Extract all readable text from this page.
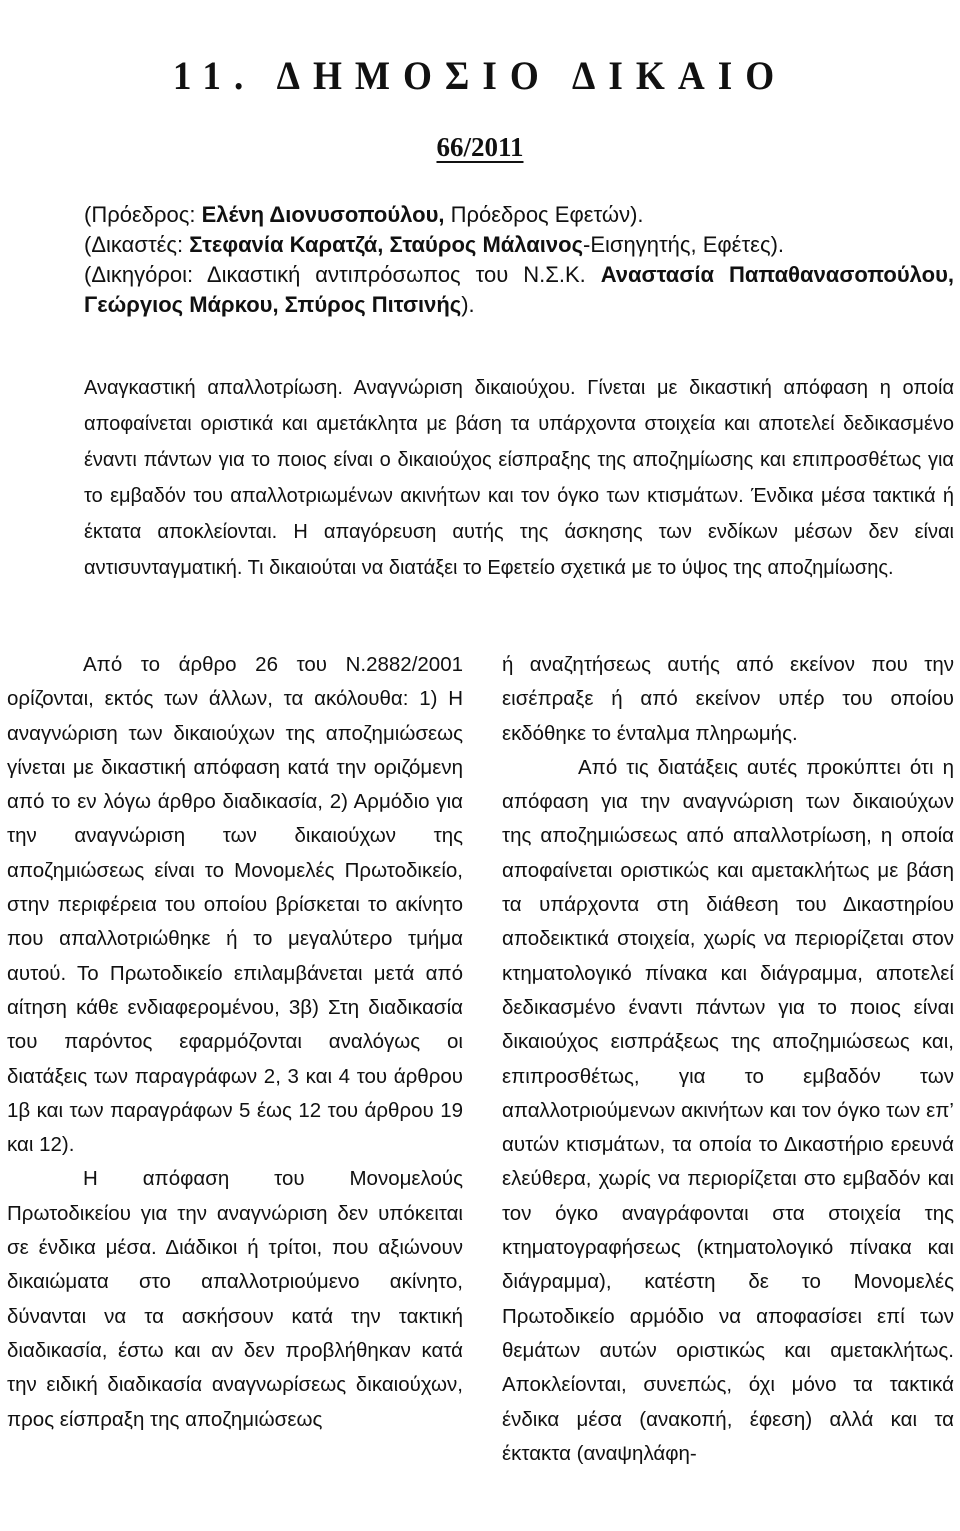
11. ΔΗΜΟΣΙΟ ΔΙΚΑΙΟ
66/2011

(Πρόεδρος: Ελένη Διονυσοπούλου, Πρόεδρος Εφετών).

(Δικαστές: Στεφανία Καρατζά, Σταύρος Μάλαινος-Εισηγητής, Εφέτες).

(Δικηγόροι: Δικαστική αντιπρόσωπος του Ν.Σ.Κ. Αναστασία Παπαθανασοπούλου,

Γεώργιος Μάρκου, Σπύρος Πιτσινής).

Αναγκαστική απαλλοτρίωση. Αναγνώριση δικαιούχου. Γίνεται με δικαστική απόφαση η οποία αποφαίνεται οριστικά και αμετάκλητα με βάση τα υπάρχοντα στοιχεία και αποτελεί δεδικασμένο έναντι πάντων για το ποιος είναι ο δικαιούχος είσπραξης της αποζημίωσης και επιπροσθέτως για το εμβαδόν του απαλλοτριωμένων ακινήτων και τον όγκο των κτισμάτων. Ένδικα μέσα τακτικά ή έκτατα αποκλείονται. Η απαγόρευση αυτής της άσκησης των ενδίκων μέσων δεν είναι αντισυνταγματική. Τι δικαιούται να διατάξει το Εφετείο σχετικά με το ύψος της αποζημίωσης.

Από το άρθρο 26 του Ν.2882/2001 ορίζονται, εκτός των άλλων, τα ακόλουθα: 1) Η αναγνώριση των δικαιούχων της αποζημιώσεως γίνεται με δικαστική απόφαση κατά την οριζόμενη από το εν λόγω άρθρο διαδικασία, 2) Αρμόδιο για την αναγνώριση των δικαιούχων της αποζημιώσεως είναι το Μονομελές Πρωτοδικείο, στην περιφέρεια του οποίου βρίσκεται το ακίνητο που απαλλοτριώθηκε ή το μεγαλύτερο τμήμα αυτού. Το Πρωτοδικείο επιλαμβάνεται μετά από αίτηση κάθε ενδιαφερομένου, 3β) Στη διαδικασία του παρόντος εφαρμόζονται αναλόγως οι διατάξεις των παραγράφων 2, 3 και 4 του άρθρου 1β και των παραγράφων 5 έως 12 του άρθρου 19 και 12).

Η απόφαση του Μονομελούς Πρωτοδικείου για την αναγνώριση δεν υπόκειται σε ένδικα μέσα. Διάδικοι ή τρίτοι, που αξιώνουν δικαιώματα στο απαλλοτριούμενο ακίνητο, δύνανται να τα ασκήσουν κατά την τακτική διαδικασία, έστω και αν δεν προβλήθηκαν κατά την ειδική διαδικασία αναγνωρίσεως δικαιούχων, προς είσπραξη της αποζημιώσεως

ή αναζητήσεως αυτής από εκείνον που την εισέπραξε ή από εκείνον υπέρ του οποίου εκδόθηκε το ένταλμα πληρωμής.

Από τις διατάξεις αυτές προκύπτει ότι η απόφαση για την αναγνώριση των δικαιούχων της αποζημιώσεως από απαλλοτρίωση, η οποία αποφαίνεται οριστικώς και αμετακλήτως με βάση τα υπάρχοντα στη διάθεση του Δικαστηρίου αποδεικτικά στοιχεία, χωρίς να περιορίζεται στον κτηματολογικό πίνακα και διάγραμμα, αποτελεί δεδικασμένο έναντι πάντων για το ποιος είναι δικαιούχος εισπράξεως της αποζημιώσεως και, επιπροσθέτως, για το εμβαδόν των απαλλοτριούμενων ακινήτων και τον όγκο των επ’ αυτών κτισμάτων, τα οποία το Δικαστήριο ερευνά ελεύθερα, χωρίς να περιορίζεται στο εμβαδόν και τον όγκο αναγράφονται στα στοιχεία της κτηματογραφήσεως (κτηματολογικό πίνακα και διάγραμμα), κατέστη δε το Μονομελές Πρωτοδικείο αρμόδιο να αποφασίσει επί των θεμάτων αυτών οριστικώς και αμετακλήτως. Αποκλείονται, συνεπώς, όχι μόνο τα τακτικά ένδικα μέσα (ανακοπή, έφεση) αλλά και τα έκτακτα (αναψηλάφη-
